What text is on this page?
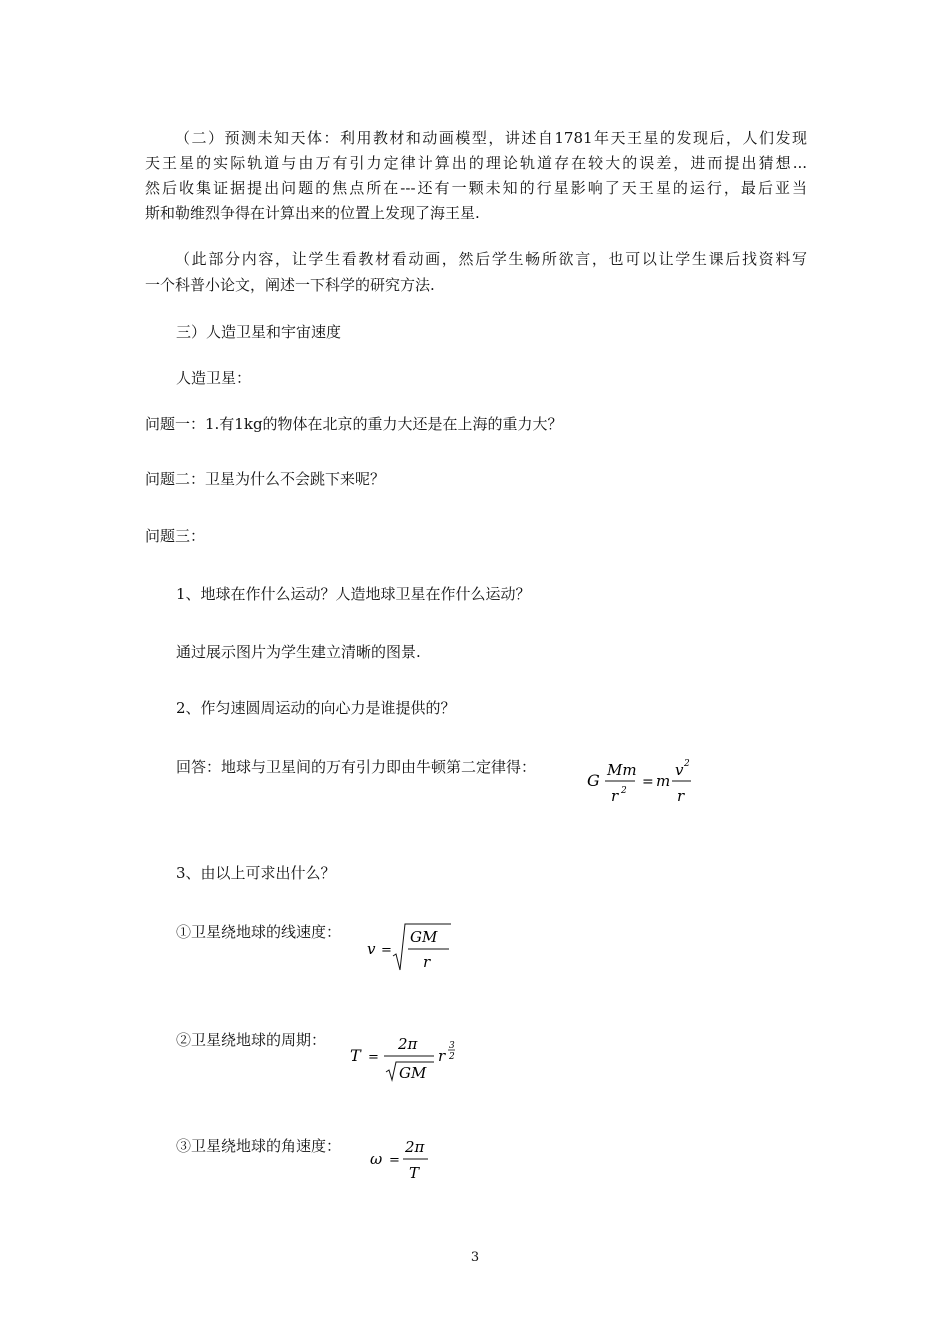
（二）预测未知天体：利用教材和动画模型，讲述自1781年天王星的发现后，人们发现
天王星的实际轨道与由万有引力定律计算出的理论轨道存在较大的误差，进而提出猜想...
然后收集证据提出问题的焦点所在---还有一颗未知的行星影响了天王星的运行，最后亚当
斯和勒维烈争得在计算出来的位置上发现了海王星.
（此部分内容，让学生看教材看动画，然后学生畅所欲言，也可以让学生课后找资料写
一个科普小论文，阐述一下科学的研究方法.
三）人造卫星和宇宙速度
人造卫星：
问题一：1.有1kg的物体在北京的重力大还是在上海的重力大？
问题二：卫星为什么不会跳下来呢？
问题三：
1、地球在作什么运动？人造地球卫星在作什么运动？
通过展示图片为学生建立清晰的图景.
2、作匀速圆周运动的向心力是谁提供的？
回答：地球与卫星间的万有引力即由牛顿第二定律得：
G
Mm
r 2
= m
v 2
r
3、由以上可求出什么？
①卫星绕地球的线速度：
v =
GM
r
②卫星绕地球的周期：
T =
2π
GM
r
3
2
③卫星绕地球的角速度：
ω =
2π
T
3
